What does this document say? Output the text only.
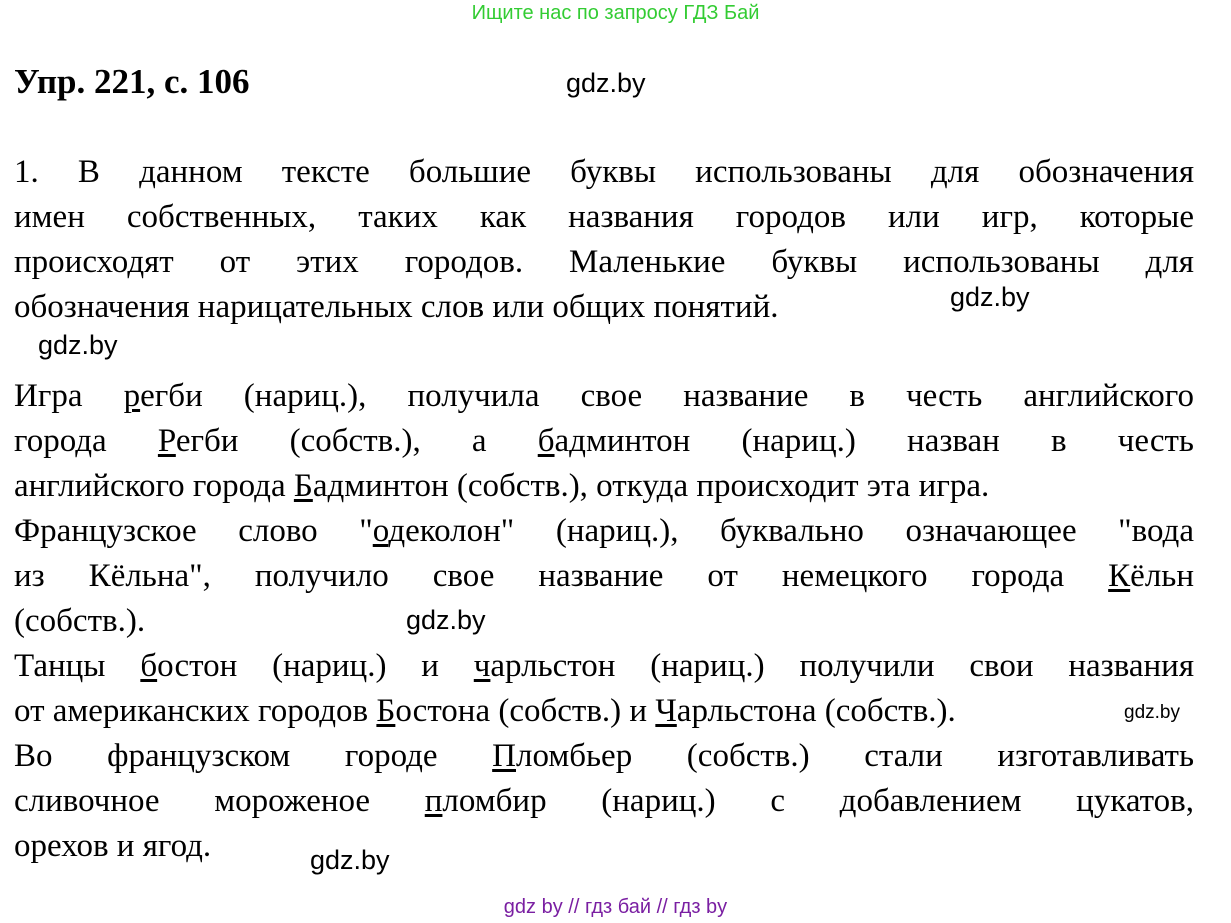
Ищите нас по запросу ГДЗ Бай
Упр. 221, с. 106	gdz.by
1. В данном тексте большие буквы использованы для обозначения
имен собственных, таких как названия городов или игр, которые
происходят от этих городов. Маленькие буквы использованы для
обозначения нарицательных слов или общих понятий.	gdz.by
gdz.by
Игра регби (нариц.), получила свое название в честь английского
города Регби (собств.), а бадминтон (нариц.) назван в честь
английского города Бадминтон (собств.), откуда происходит эта игра.
Французское слово "одеколон" (нариц.), буквально означающее "вода
из Кёльна", получило свое название от немецкого города Кёльн
(собств.).	gdz.by
Танцы бостон (нариц.) и чарльстон (нариц.) получили свои названия
от американских городов Бостона (собств.) и Чарльстона (собств.).	gdz.by
Во французском городе Пломбьер (собств.) стали изготавливать
сливочное мороженое пломбир (нариц.) с добавлением цукатов,
орехов и ягод.	gdz.by
gdz by // гдз бай // гдз by
